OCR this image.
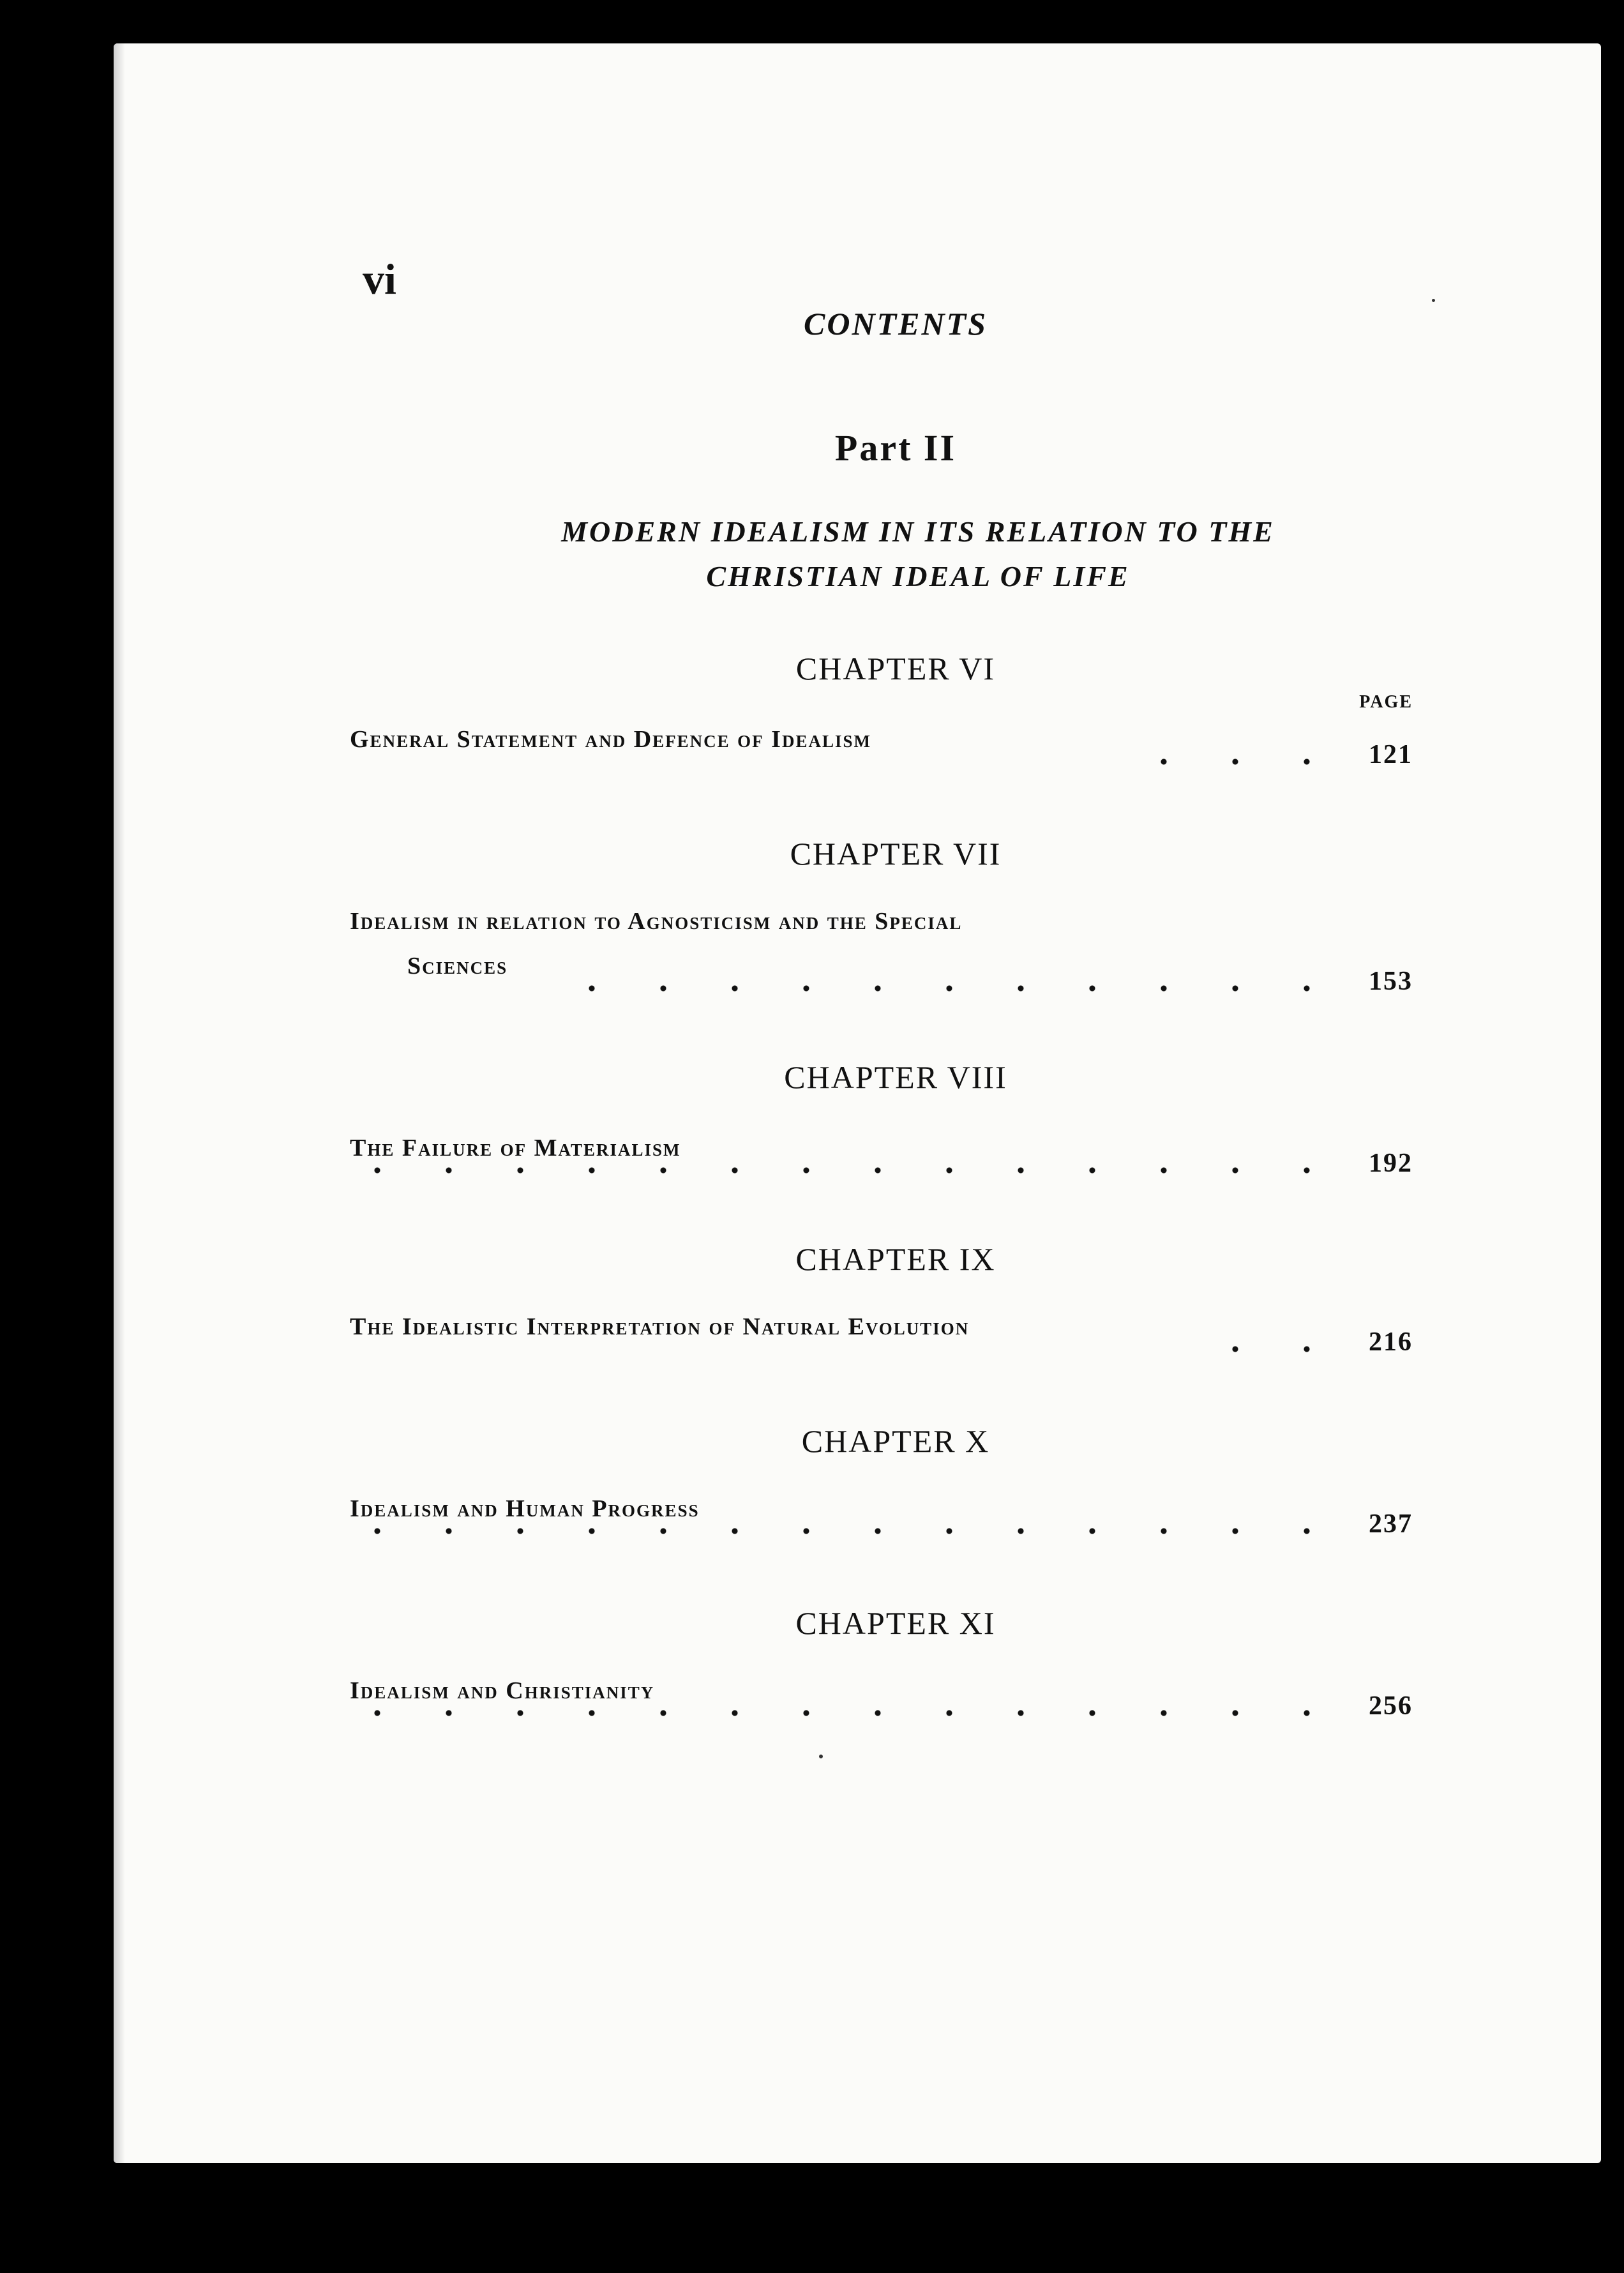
vi
CONTENTS
Part II
MODERN IDEALISM IN ITS RELATION TO THE
CHRISTIAN IDEAL OF LIFE
CHAPTER VI
PAGE
General Statement and Defence of Idealism
121
CHAPTER VII
Idealism in relation to Agnosticism and the Special
Sciences
153
CHAPTER VIII
The Failure of Materialism
192
CHAPTER IX
The Idealistic Interpretation of Natural Evolution
216
CHAPTER X
Idealism and Human Progress
237
CHAPTER XI
Idealism and Christianity
256
